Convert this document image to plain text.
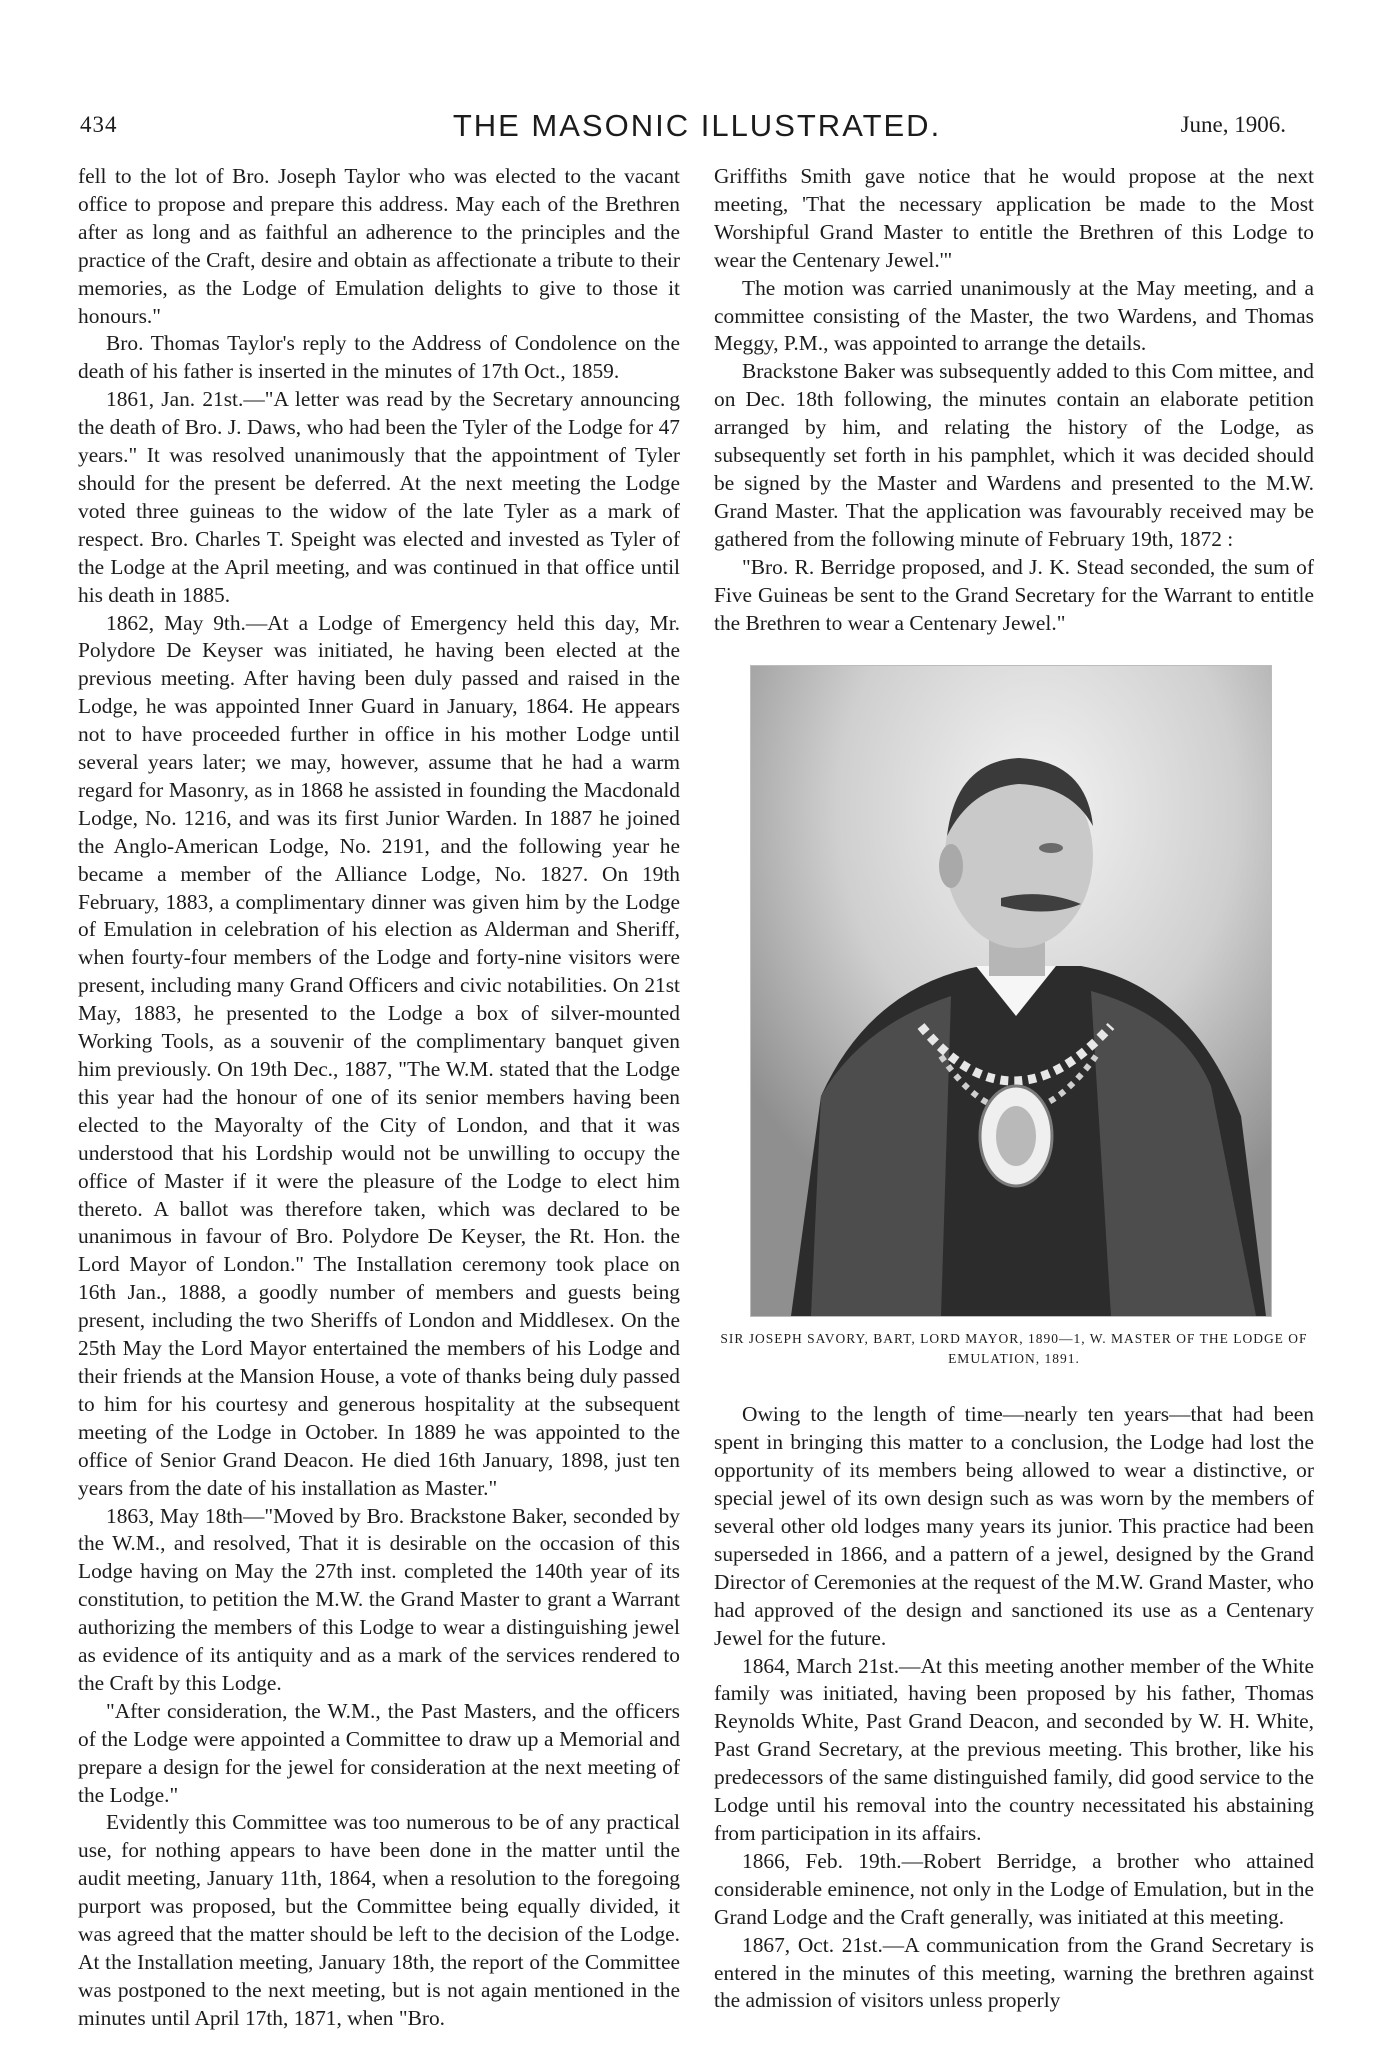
434	THE MASONIC ILLUSTRATED.	June, 1906.

fell to the lot of Bro. Joseph Taylor who was elected to the vacant office to propose and prepare this address. May each of the Brethren after as long and as faithful an adherence to the principles and the practice of the Craft, desire and obtain as affectionate a tribute to their memories, as the Lodge of Emulation delights to give to those it honours."

Bro. Thomas Taylor's reply to the Address of Condolence on the death of his father is inserted in the minutes of 17th Oct., 1859.

1861, Jan. 21st.—"A letter was read by the Secretary announcing the death of Bro. J. Daws, who had been the Tyler of the Lodge for 47 years." It was resolved unanimously that the appointment of Tyler should for the present be deferred. At the next meeting the Lodge voted three guineas to the widow of the late Tyler as a mark of respect. Bro. Charles T. Speight was elected and invested as Tyler of the Lodge at the April meeting, and was continued in that office until his death in 1885.

1862, May 9th.—At a Lodge of Emergency held this day, Mr. Polydore De Keyser was initiated, he having been elected at the previous meeting. After having been duly passed and raised in the Lodge, he was appointed Inner Guard in January, 1864. He appears not to have proceeded further in office in his mother Lodge until several years later; we may, however, assume that he had a warm regard for Masonry, as in 1868 he assisted in founding the Macdonald Lodge, No. 1216, and was its first Junior Warden. In 1887 he joined the Anglo-American Lodge, No. 2191, and the following year he became a member of the Alliance Lodge, No. 1827. On 19th February, 1883, a complimentary dinner was given him by the Lodge of Emulation in celebration of his election as Alderman and Sheriff, when fourty-four members of the Lodge and forty-nine visitors were present, including many Grand Officers and civic notabilities. On 21st May, 1883, he presented to the Lodge a box of silver-mounted Working Tools, as a souvenir of the complimentary banquet given him previously. On 19th Dec., 1887, "The W.M. stated that the Lodge this year had the honour of one of its senior members having been elected to the Mayoralty of the City of London, and that it was understood that his Lordship would not be unwilling to occupy the office of Master if it were the pleasure of the Lodge to elect him thereto. A ballot was therefore taken, which was declared to be unanimous in favour of Bro. Polydore De Keyser, the Rt. Hon. the Lord Mayor of London." The Installation ceremony took place on 16th Jan., 1888, a goodly number of members and guests being present, including the two Sheriffs of London and Middlesex. On the 25th May the Lord Mayor entertained the members of his Lodge and their friends at the Mansion House, a vote of thanks being duly passed to him for his courtesy and generous hospitality at the subsequent meeting of the Lodge in October. In 1889 he was appointed to the office of Senior Grand Deacon. He died 16th January, 1898, just ten years from the date of his installation as Master."

1863, May 18th—"Moved by Bro. Brackstone Baker, seconded by the W.M., and resolved, That it is desirable on the occasion of this Lodge having on May the 27th inst. completed the 140th year of its constitution, to petition the M.W. the Grand Master to grant a Warrant authorizing the members of this Lodge to wear a distinguishing jewel as evidence of its antiquity and as a mark of the services rendered to the Craft by this Lodge.

"After consideration, the W.M., the Past Masters, and the officers of the Lodge were appointed a Committee to draw up a Memorial and prepare a design for the jewel for consideration at the next meeting of the Lodge."

Evidently this Committee was too numerous to be of any practical use, for nothing appears to have been done in the matter until the audit meeting, January 11th, 1864, when a resolution to the foregoing purport was proposed, but the Committee being equally divided, it was agreed that the matter should be left to the decision of the Lodge. At the Installation meeting, January 18th, the report of the Committee was postponed to the next meeting, but is not again mentioned in the minutes until April 17th, 1871, when "Bro.

Griffiths Smith gave notice that he would propose at the next meeting, 'That the necessary application be made to the Most Worshipful Grand Master to entitle the Brethren of this Lodge to wear the Centenary Jewel.'"

The motion was carried unanimously at the May meeting, and a committee consisting of the Master, the two Wardens, and Thomas Meggy, P.M., was appointed to arrange the details.

Brackstone Baker was subsequently added to this Com mittee, and on Dec. 18th following, the minutes contain an elaborate petition arranged by him, and relating the history of the Lodge, as subsequently set forth in his pamphlet, which it was decided should be signed by the Master and Wardens and presented to the M.W. Grand Master. That the application was favourably received may be gathered from the following minute of February 19th, 1872 :

"Bro. R. Berridge proposed, and J. K. Stead seconded, the sum of Five Guineas be sent to the Grand Secretary for the Warrant to entitle the Brethren to wear a Centenary Jewel."

SIR JOSEPH SAVORY, BART, LORD MAYOR, 1890—1, W. MASTER OF THE LODGE OF EMULATION, 1891.

Owing to the length of time—nearly ten years—that had been spent in bringing this matter to a conclusion, the Lodge had lost the opportunity of its members being allowed to wear a distinctive, or special jewel of its own design such as was worn by the members of several other old lodges many years its junior. This practice had been superseded in 1866, and a pattern of a jewel, designed by the Grand Director of Ceremonies at the request of the M.W. Grand Master, who had approved of the design and sanctioned its use as a Centenary Jewel for the future.

1864, March 21st.—At this meeting another member of the White family was initiated, having been proposed by his father, Thomas Reynolds White, Past Grand Deacon, and seconded by W. H. White, Past Grand Secretary, at the previous meeting. This brother, like his predecessors of the same distinguished family, did good service to the Lodge until his removal into the country necessitated his abstaining from participation in its affairs.

1866, Feb. 19th.—Robert Berridge, a brother who attained considerable eminence, not only in the Lodge of Emulation, but in the Grand Lodge and the Craft generally, was initiated at this meeting.

1867, Oct. 21st.—A communication from the Grand Secretary is entered in the minutes of this meeting, warning the brethren against the admission of visitors unless properly
